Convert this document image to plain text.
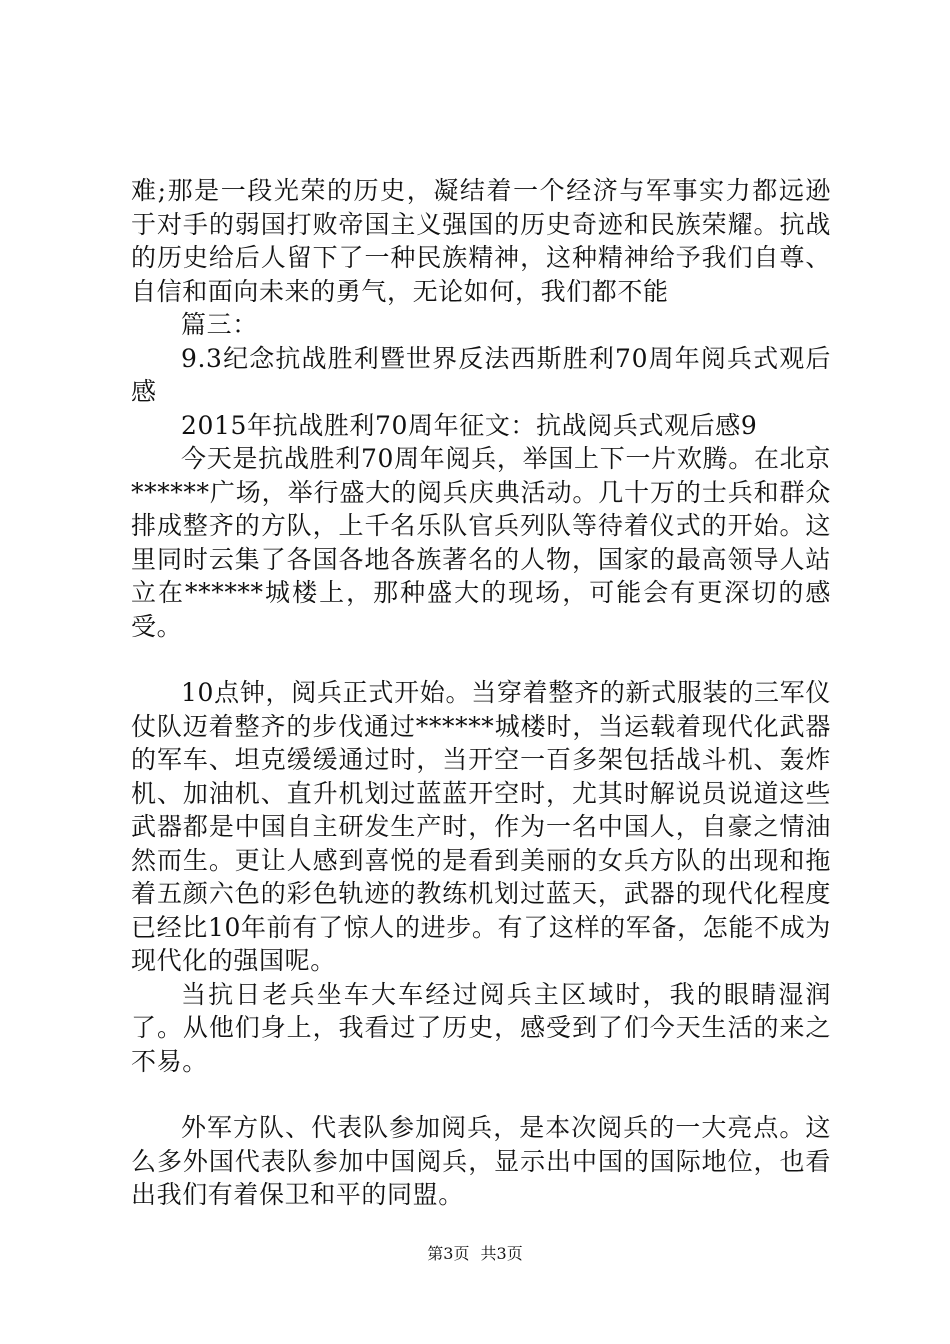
难;那是一段光荣的历史，凝结着一个经济与军事实力都远逊于对手的弱国打败帝国主义强国的历史奇迹和民族荣耀。抗战的历史给后人留下了一种民族精神，这种精神给予我们自尊、自信和面向未来的勇气，无论如何，我们都不能

篇三：

9.3纪念抗战胜利暨世界反法西斯胜利70周年阅兵式观后感

2015年抗战胜利70周年征文：抗战阅兵式观后感9

今天是抗战胜利70周年阅兵，举国上下一片欢腾。在北京******广场，举行盛大的阅兵庆典活动。几十万的士兵和群众排成整齐的方队，上千名乐队官兵列队等待着仪式的开始。这里同时云集了各国各地各族著名的人物，国家的最高领导人站立在******城楼上，那种盛大的现场，可能会有更深切的感受。

10点钟，阅兵正式开始。当穿着整齐的新式服装的三军仪仗队迈着整齐的步伐通过******城楼时，当运载着现代化武器的军车、坦克缓缓通过时，当开空一百多架包括战斗机、轰炸机、加油机、直升机划过蓝蓝开空时，尤其时解说员说道这些武器都是中国自主研发生产时，作为一名中国人，自豪之情油然而生。更让人感到喜悦的是看到美丽的女兵方队的出现和拖着五颜六色的彩色轨迹的教练机划过蓝天，武器的现代化程度已经比10年前有了惊人的进步。有了这样的军备，怎能不成为现代化的强国呢。

当抗日老兵坐车大车经过阅兵主区域时，我的眼睛湿润了。从他们身上，我看过了历史，感受到了们今天生活的来之不易。

外军方队、代表队参加阅兵，是本次阅兵的一大亮点。这么多外国代表队参加中国阅兵，显示出中国的国际地位，也看出我们有着保卫和平的同盟。

第3页 共3页
